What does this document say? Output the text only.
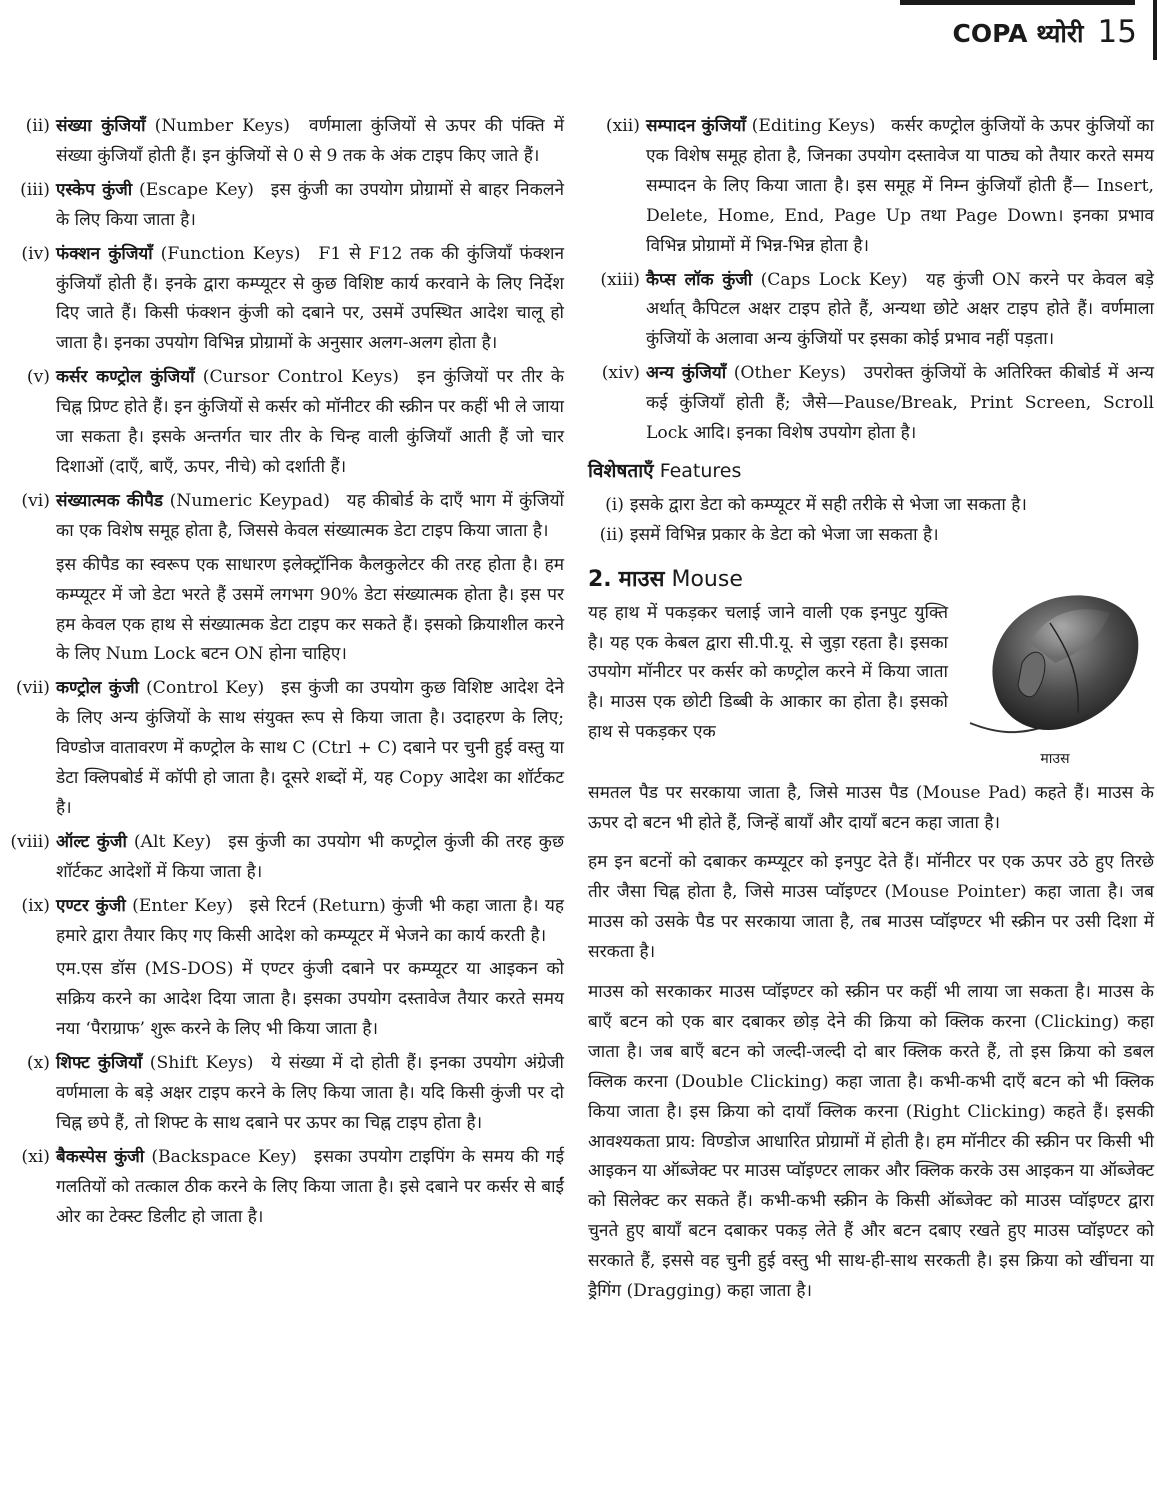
COPA थ्योरी 15
(ii) संख्या कुंजियाँ (Number Keys) वर्णमाला कुंजियों से ऊपर की पंक्ति में संख्या कुंजियाँ होती हैं। इन कुंजियों से 0 से 9 तक के अंक टाइप किए जाते हैं।
(iii) एस्केप कुंजी (Escape Key) इस कुंजी का उपयोग प्रोग्रामों से बाहर निकलने के लिए किया जाता है।
(iv) फंक्शन कुंजियाँ (Function Keys) F1 से F12 तक की कुंजियाँ फंक्शन कुंजियाँ होती हैं। इनके द्वारा कम्प्यूटर से कुछ विशिष्ट कार्य करवाने के लिए निर्देश दिए जाते हैं। किसी फंक्शन कुंजी को दबाने पर, उसमें उपस्थित आदेश चालू हो जाता है। इनका उपयोग विभिन्न प्रोग्रामों के अनुसार अलग-अलग होता है।
(v) कर्सर कण्ट्रोल कुंजियाँ (Cursor Control Keys) इन कुंजियों पर तीर के चिह्न प्रिण्ट होते हैं। इन कुंजियों से कर्सर को मॉनीटर की स्क्रीन पर कहीं भी ले जाया जा सकता है। इसके अन्तर्गत चार तीर के चिन्ह वाली कुंजियाँ आती हैं जो चार दिशाओं (दाएँ, बाएँ, ऊपर, नीचे) को दर्शाती हैं।
(vi) संख्यात्मक कीपैड (Numeric Keypad) यह कीबोर्ड के दाएँ भाग में कुंजियों का एक विशेष समूह होता है, जिससे केवल संख्यात्मक डेटा टाइप किया जाता है।
इस कीपैड का स्वरूप एक साधारण इलेक्ट्रॉनिक कैलकुलेटर की तरह होता है। हम कम्प्यूटर में जो डेटा भरते हैं उसमें लगभग 90% डेटा संख्यात्मक होता है। इस पर हम केवल एक हाथ से संख्यात्मक डेटा टाइप कर सकते हैं। इसको क्रियाशील करने के लिए Num Lock बटन ON होना चाहिए।
(vii) कण्ट्रोल कुंजी (Control Key) इस कुंजी का उपयोग कुछ विशिष्ट आदेश देने के लिए अन्य कुंजियों के साथ संयुक्त रूप से किया जाता है। उदाहरण के लिए; विण्डोज वातावरण में कण्ट्रोल के साथ C (Ctrl + C) दबाने पर चुनी हुई वस्तु या डेटा क्लिपबोर्ड में कॉपी हो जाता है। दूसरे शब्दों में, यह Copy आदेश का शॉर्टकट है।
(viii) ऑल्ट कुंजी (Alt Key) इस कुंजी का उपयोग भी कण्ट्रोल कुंजी की तरह कुछ शॉर्टकट आदेशों में किया जाता है।
(ix) एण्टर कुंजी (Enter Key) इसे रिटर्न (Return) कुंजी भी कहा जाता है। यह हमारे द्वारा तैयार किए गए किसी आदेश को कम्प्यूटर में भेजने का कार्य करती है।
एम.एस डॉस (MS-DOS) में एण्टर कुंजी दबाने पर कम्प्यूटर या आइकन को सक्रिय करने का आदेश दिया जाता है। इसका उपयोग दस्तावेज तैयार करते समय नया ‘पैराग्राफ’ शुरू करने के लिए भी किया जाता है।
(x) शिफ्ट कुंजियाँ (Shift Keys) ये संख्या में दो होती हैं। इनका उपयोग अंग्रेजी वर्णमाला के बड़े अक्षर टाइप करने के लिए किया जाता है। यदि किसी कुंजी पर दो चिह्न छपे हैं, तो शिफ्ट के साथ दबाने पर ऊपर का चिह्न टाइप होता है।
(xi) बैकस्पेस कुंजी (Backspace Key) इसका उपयोग टाइपिंग के समय की गई गलतियों को तत्काल ठीक करने के लिए किया जाता है। इसे दबाने पर कर्सर से बाईं ओर का टेक्स्ट डिलीट हो जाता है।
(xii) सम्पादन कुंजियाँ (Editing Keys) कर्सर कण्ट्रोल कुंजियों के ऊपर कुंजियों का एक विशेष समूह होता है, जिनका उपयोग दस्तावेज या पाठ्य को तैयार करते समय सम्पादन के लिए किया जाता है। इस समूह में निम्न कुंजियाँ होती हैं— Insert, Delete, Home, End, Page Up तथा Page Down। इनका प्रभाव विभिन्न प्रोग्रामों में भिन्न-भिन्न होता है।
(xiii) कैप्स लॉक कुंजी (Caps Lock Key) यह कुंजी ON करने पर केवल बड़े अर्थात् कैपिटल अक्षर टाइप होते हैं, अन्यथा छोटे अक्षर टाइप होते हैं। वर्णमाला कुंजियों के अलावा अन्य कुंजियों पर इसका कोई प्रभाव नहीं पड़ता।
(xiv) अन्य कुंजियाँ (Other Keys) उपरोक्त कुंजियों के अतिरिक्त कीबोर्ड में अन्य कई कुंजियाँ होती हैं; जैसे—Pause/Break, Print Screen, Scroll Lock आदि। इनका विशेष उपयोग होता है।
विशेषताएँ Features
(i) इसके द्वारा डेटा को कम्प्यूटर में सही तरीके से भेजा जा सकता है।
(ii) इसमें विभिन्न प्रकार के डेटा को भेजा जा सकता है।
2. माउस Mouse
यह हाथ में पकड़कर चलाई जाने वाली एक इनपुट युक्ति है। यह एक केबल द्वारा सी.पी.यू. से जुड़ा रहता है। इसका उपयोग मॉनीटर पर कर्सर को कण्ट्रोल करने में किया जाता है। माउस एक छोटी डिब्बी के आकार का होता है। इसको हाथ से पकड़कर एक
माउस
समतल पैड पर सरकाया जाता है, जिसे माउस पैड (Mouse Pad) कहते हैं। माउस के ऊपर दो बटन भी होते हैं, जिन्हें बायाँ और दायाँ बटन कहा जाता है।
हम इन बटनों को दबाकर कम्प्यूटर को इनपुट देते हैं। मॉनीटर पर एक ऊपर उठे हुए तिरछे तीर जैसा चिह्न होता है, जिसे माउस प्वॉइण्टर (Mouse Pointer) कहा जाता है। जब माउस को उसके पैड पर सरकाया जाता है, तब माउस प्वॉइण्टर भी स्क्रीन पर उसी दिशा में सरकता है।
माउस को सरकाकर माउस प्वॉइण्टर को स्क्रीन पर कहीं भी लाया जा सकता है। माउस के बाएँ बटन को एक बार दबाकर छोड़ देने की क्रिया को क्लिक करना (Clicking) कहा जाता है। जब बाएँ बटन को जल्दी-जल्दी दो बार क्लिक करते हैं, तो इस क्रिया को डबल क्लिक करना (Double Clicking) कहा जाता है। कभी-कभी दाएँ बटन को भी क्लिक किया जाता है। इस क्रिया को दायाँ क्लिक करना (Right Clicking) कहते हैं। इसकी आवश्यकता प्राय: विण्डोज आधारित प्रोग्रामों में होती है। हम मॉनीटर की स्क्रीन पर किसी भी आइकन या ऑब्जेक्ट पर माउस प्वॉइण्टर लाकर और क्लिक करके उस आइकन या ऑब्जेक्ट को सिलेक्ट कर सकते हैं। कभी-कभी स्क्रीन के किसी ऑब्जेक्ट को माउस प्वॉइण्टर द्वारा चुनते हुए बायाँ बटन दबाकर पकड़ लेते हैं और बटन दबाए रखते हुए माउस प्वॉइण्टर को सरकाते हैं, इससे वह चुनी हुई वस्तु भी साथ-ही-साथ सरकती है। इस क्रिया को खींचना या ड्रैगिंग (Dragging) कहा जाता है।
